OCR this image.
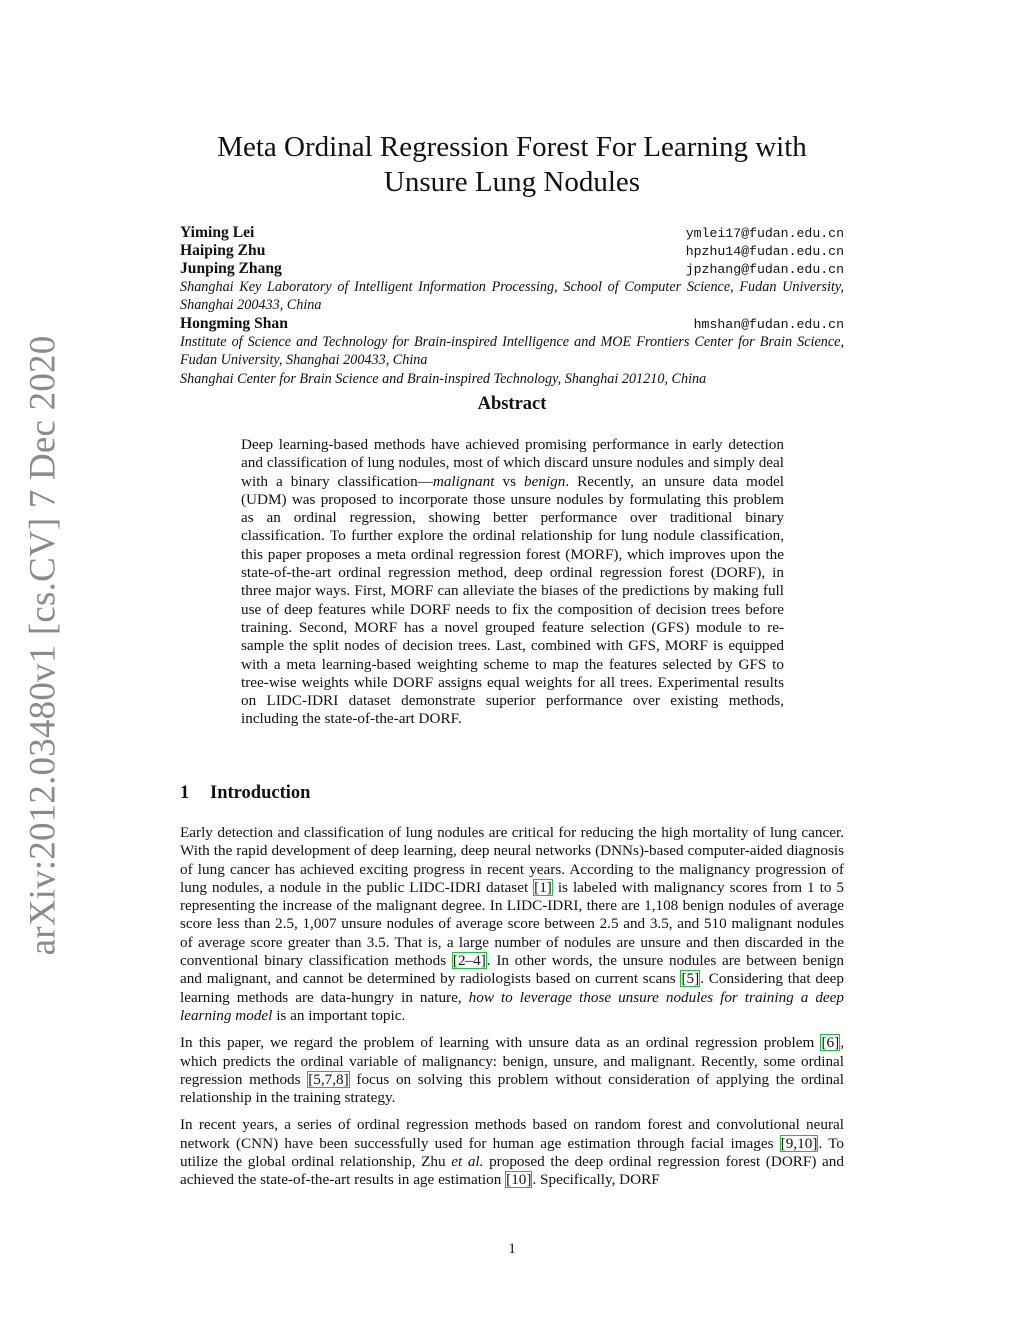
arXiv:2012.03480v1 [cs.CV] 7 Dec 2020
Meta Ordinal Regression Forest For Learning with
Unsure Lung Nodules
Yiming Lei	ymlei17@fudan.edu.cn
Haiping Zhu	hpzhu14@fudan.edu.cn
Junping Zhang	jpzhang@fudan.edu.cn
Shanghai Key Laboratory of Intelligent Information Processing, School of Computer Science, Fudan University, Shanghai 200433, China
Hongming Shan	hmshan@fudan.edu.cn
Institute of Science and Technology for Brain-inspired Intelligence and MOE Frontiers Center for Brain Science, Fudan University, Shanghai 200433, China
Shanghai Center for Brain Science and Brain-inspired Technology, Shanghai 201210, China
Abstract

Deep learning-based methods have achieved promising performance in early detection and classification of lung nodules, most of which discard unsure nodules and simply deal with a binary classification—malignant vs benign. Recently, an unsure data model (UDM) was proposed to incorporate those unsure nodules by formulating this problem as an ordinal regression, showing better performance over traditional binary classification. To further explore the ordinal relationship for lung nodule classification, this paper proposes a meta ordinal regression forest (MORF), which improves upon the state-of-the-art ordinal regression method, deep ordinal regression forest (DORF), in three major ways. First, MORF can alleviate the biases of the predictions by making full use of deep features while DORF needs to fix the composition of decision trees before training. Second, MORF has a novel grouped feature selection (GFS) module to re-sample the split nodes of decision trees. Last, combined with GFS, MORF is equipped with a meta learning-based weighting scheme to map the features selected by GFS to tree-wise weights while DORF assigns equal weights for all trees. Experimental results on LIDC-IDRI dataset demonstrate superior performance over existing methods, including the state-of-the-art DORF.

1 Introduction

Early detection and classification of lung nodules are critical for reducing the high mortality of lung cancer. With the rapid development of deep learning, deep neural networks (DNNs)-based computer-aided diagnosis of lung cancer has achieved exciting progress in recent years. According to the malignancy progression of lung nodules, a nodule in the public LIDC-IDRI dataset [1] is labeled with malignancy scores from 1 to 5 representing the increase of the malignant degree. In LIDC-IDRI, there are 1,108 benign nodules of average score less than 2.5, 1,007 unsure nodules of average score between 2.5 and 3.5, and 510 malignant nodules of average score greater than 3.5. That is, a large number of nodules are unsure and then discarded in the conventional binary classification methods [2–4]. In other words, the unsure nodules are between benign and malignant, and cannot be determined by radiologists based on current scans [5]. Considering that deep learning methods are data-hungry in nature, how to leverage those unsure nodules for training a deep learning model is an important topic.

In this paper, we regard the problem of learning with unsure data as an ordinal regression problem [6], which predicts the ordinal variable of malignancy: benign, unsure, and malignant. Recently, some ordinal regression methods [5,7,8] focus on solving this problem without consideration of applying the ordinal relationship in the training strategy.

In recent years, a series of ordinal regression methods based on random forest and convolutional neural network (CNN) have been successfully used for human age estimation through facial images [9,10]. To utilize the global ordinal relationship, Zhu et al. proposed the deep ordinal regression forest (DORF) and achieved the state-of-the-art results in age estimation [10]. Specifically, DORF

1
